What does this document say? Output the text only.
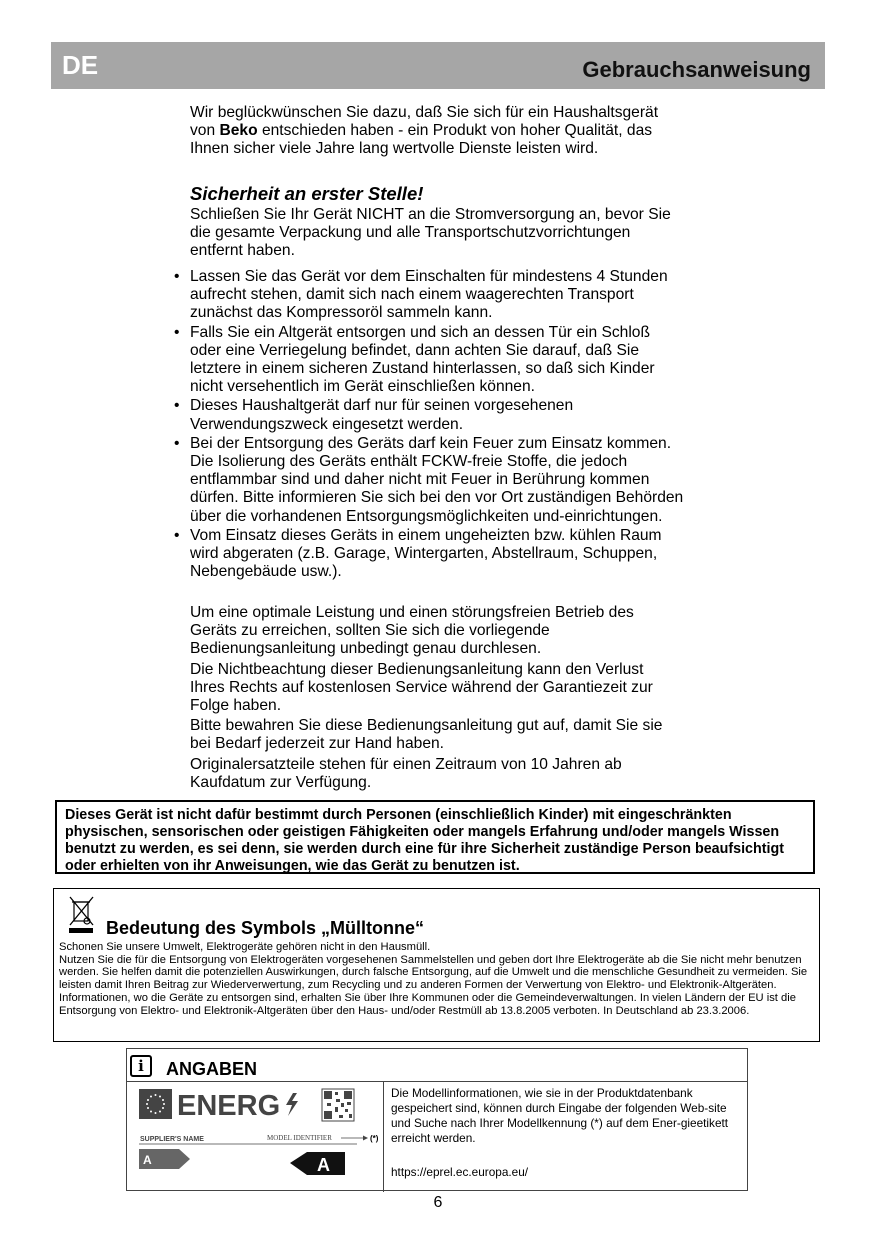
DE	Gebrauchsanweisung

Wir beglückwünschen Sie dazu, daß Sie sich für ein Haushaltsgerät von Beko entschieden haben - ein Produkt von hoher Qualität, das Ihnen sicher viele Jahre lang wertvolle Dienste leisten wird.

Sicherheit an erster Stelle!

Schließen Sie Ihr Gerät NICHT an die Stromversorgung an, bevor Sie die gesamte Verpackung und alle Transportschutzvorrichtungen entfernt haben.

• Lassen Sie das Gerät vor dem Einschalten für mindestens 4 Stunden aufrecht stehen, damit sich nach einem waagerechten Transport zunächst das Kompressoröl sammeln kann.
• Falls Sie ein Altgerät entsorgen und sich an dessen Tür ein Schloß oder eine Verriegelung befindet, dann achten Sie darauf, daß Sie letztere in einem sicheren Zustand hinterlassen, so daß sich Kinder nicht versehentlich im Gerät einschließen können.
• Dieses Haushaltgerät darf nur für seinen vorgesehenen Verwendungszweck eingesetzt werden.
• Bei der Entsorgung des Geräts darf kein Feuer zum Einsatz kommen. Die Isolierung des Geräts enthält FCKW-freie Stoffe, die jedoch entflammbar sind und daher nicht mit Feuer in Berührung kommen dürfen. Bitte informieren Sie sich bei den vor Ort zuständigen Behörden über die vorhandenen Entsorgungsmöglichkeiten und-einrichtungen.
• Vom Einsatz dieses Geräts in einem ungeheizten bzw. kühlen Raum wird abgeraten (z.B. Garage, Wintergarten, Abstellraum, Schuppen, Nebengebäude usw.).

Um eine optimale Leistung und einen störungsfreien Betrieb des Geräts zu erreichen, sollten Sie sich die vorliegende Bedienungsanleitung unbedingt genau durchlesen.

Die Nichtbeachtung dieser Bedienungsanleitung kann den Verlust Ihres Rechts auf kostenlosen Service während der Garantiezeit zur Folge haben.

Bitte bewahren Sie diese Bedienungsanleitung gut auf, damit Sie sie bei Bedarf jederzeit zur Hand haben.

Originalersatzteile stehen für einen Zeitraum von 10 Jahren ab Kaufdatum zur Verfügung.

Dieses Gerät ist nicht dafür bestimmt durch Personen (einschließlich Kinder) mit eingeschränkten physischen, sensorischen oder geistigen Fähigkeiten oder mangels Erfahrung und/oder mangels Wissen benutzt zu werden, es sei denn, sie werden durch eine für ihre Sicherheit zuständige Person beaufsichtigt oder erhielten von ihr Anweisungen, wie das Gerät zu benutzen ist.
Bedeutung des Symbols „Mülltonne“
Schonen Sie unsere Umwelt, Elektrogeräte gehören nicht in den Hausmüll.
Nutzen Sie die für die Entsorgung von Elektrogeräten vorgesehenen Sammelstellen und geben dort Ihre Elektrogeräte ab die Sie nicht mehr benutzen werden. Sie helfen damit die potenziellen Auswirkungen, durch falsche Entsorgung, auf die Umwelt und die menschliche Gesundheit zu vermeiden. Sie leisten damit Ihren Beitrag zur Wiederverwertung, zum Recycling und zu anderen Formen der Verwertung von Elektro- und Elektronik-Altgeräten. Informationen, wo die Geräte zu entsorgen sind, erhalten Sie über Ihre Kommunen oder die Gemeindeverwaltungen. In vielen Ländern der EU ist die Entsorgung von Elektro- und Elektronik-Altgeräten über den Haus- und/oder Restmüll ab 13.8.2005 verboten. In Deutschland ab 23.3.2006.
i	ANGABEN
ENERG
SUPPLIER'S NAME	MODEL IDENTIFIER	(*)
A	A
Die Modellinformationen, wie sie in der Produktdatenbank gespeichert sind, können durch Eingabe der folgenden Web-site und Suche nach Ihrer Modellkennung (*) auf dem Ener-gieetikett erreicht werden.
https://eprel.ec.europa.eu/
6
